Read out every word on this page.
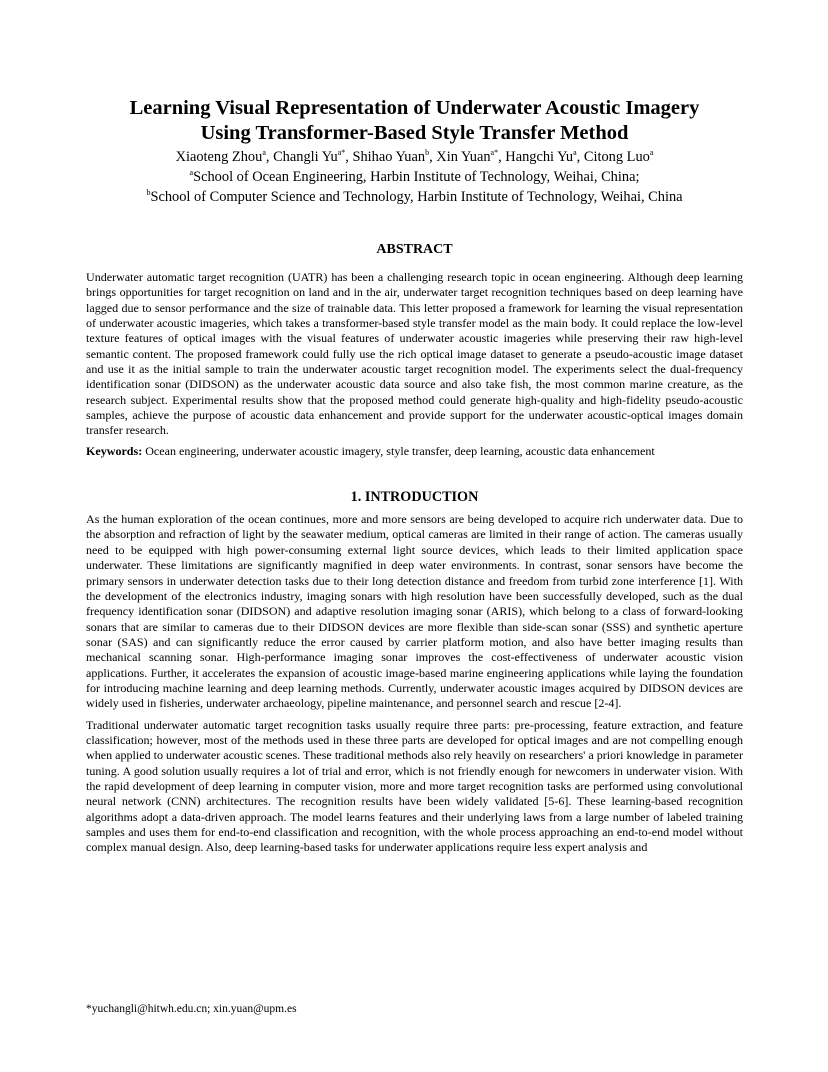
Learning Visual Representation of Underwater Acoustic Imagery
Using Transformer-Based Style Transfer Method

Xiaoteng Zhou$^a$, Changli $Yu^{a*}$, Shihao Yuan$^b$, Xin Yuan$^{a*}$, Hangchi Yu$^a$, Citong Luo$^a$

$^a$School of Ocean Engineering, Harbin Institute of Technology, Weihai, China;

$^b$School of Computer Science and Technology, Harbin Institute of Technology, Weihai, China

ABSTRACT

Underwater automatic target recognition (UATR) has been a challenging research topic in ocean engineering. Although deep learning brings opportunities for target recognition on land and in the air, underwater target recognition techniques based on deep learning have lagged due to sensor performance and the size of trainable data. This letter proposed a framework for learning the visual representation of underwater acoustic imageries, which takes a transformer-based style transfer model as the main body. It could replace the low-level texture features of optical images with the visual features of underwater acoustic imageries while preserving their raw high-level semantic content. The proposed framework could fully use the rich optical image dataset to generate a pseudo-acoustic image dataset and use it as the initial sample to train the underwater acoustic target recognition model. The experiments select the dual-frequency identification sonar (DIDSON) as the underwater acoustic data source and also take fish, the most common marine creature, as the research subject. Experimental results show that the proposed method could generate high-quality and high-fidelity pseudo-acoustic samples, achieve the purpose of acoustic data enhancement and provide support for the underwater acoustic-optical images domain transfer research.

Keywords: Ocean engineering, underwater acoustic imagery, style transfer, deep learning, acoustic data enhancement

1. INTRODUCTION

As the human exploration of the ocean continues, more and more sensors are being developed to acquire rich underwater data. Due to the absorption and refraction of light by the seawater medium, optical cameras are limited in their range of action. The cameras usually need to be equipped with high power-consuming external light source devices, which leads to their limited application space underwater. These limitations are significantly magnified in deep water environments. In contrast, sonar sensors have become the primary sensors in underwater detection tasks due to their long detection distance and freedom from turbid zone interference [1]. With the development of the electronics industry, imaging sonars with high resolution have been successfully developed, such as the dual frequency identification sonar (DIDSON) and adaptive resolution imaging sonar (ARIS), which belong to a class of forward-looking sonars that are similar to cameras due to their DIDSON devices are more flexible than side-scan sonar (SSS) and synthetic aperture sonar (SAS) and can significantly reduce the error caused by carrier platform motion, and also have better imaging results than mechanical scanning sonar. High-performance imaging sonar improves the cost-effectiveness of underwater acoustic vision applications. Further, it accelerates the expansion of acoustic image-based marine engineering applications while laying the foundation for introducing machine learning and deep learning methods. Currently, underwater acoustic images acquired by DIDSON devices are widely used in fisheries, underwater archaeology, pipeline maintenance, and personnel search and rescue [2-4].

Traditional underwater automatic target recognition tasks usually require three parts: pre-processing, feature extraction, and feature classification; however, most of the methods used in these three parts are developed for optical images and are not compelling enough when applied to underwater acoustic scenes. These traditional methods also rely heavily on researchers' a priori knowledge in parameter tuning. A good solution usually requires a lot of trial and error, which is not friendly enough for newcomers in underwater vision. With the rapid development of deep learning in computer vision, more and more target recognition tasks are performed using convolutional neural network (CNN) architectures. The recognition results have been widely validated [5-6]. These learning-based recognition algorithms adopt a data-driven approach. The model learns features and their underlying laws from a large number of labeled training samples and uses them for end-to-end classification and recognition, with the whole process approaching an end-to-end model without complex manual design. Also, deep learning-based tasks for underwater applications require less expert analysis and

*yuchangli@hitwh.edu.cn; xin.yuan@upm.es
